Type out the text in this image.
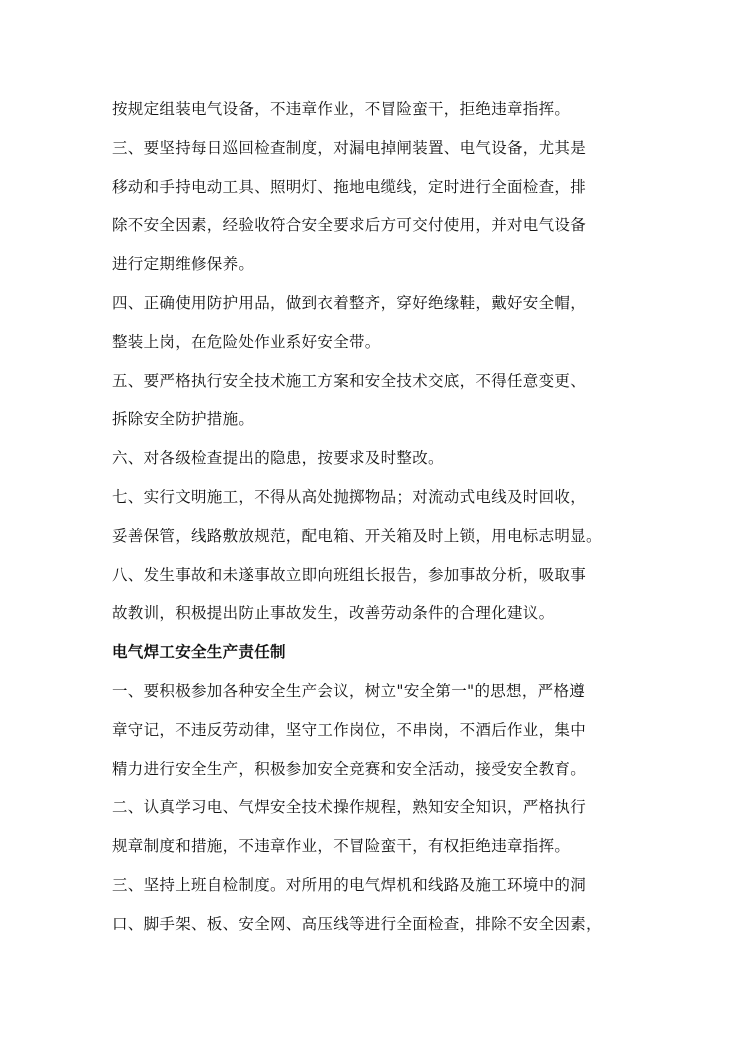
按规定组装电气设备，不违章作业，不冒险蛮干，拒绝违章指挥。
三、要坚持每日巡回检查制度，对漏电掉闸装置、电气设备，尤其是
移动和手持电动工具、照明灯、拖地电缆线，定时进行全面检查，排
除不安全因素，经验收符合安全要求后方可交付使用，并对电气设备
进行定期维修保养。
四、正确使用防护用品，做到衣着整齐，穿好绝缘鞋，戴好安全帽，
整装上岗，在危险处作业系好安全带。
五、要严格执行安全技术施工方案和安全技术交底，不得任意变更、
拆除安全防护措施。
六、对各级检查提出的隐患，按要求及时整改。
七、实行文明施工，不得从高处抛掷物品；对流动式电线及时回收，
妥善保管，线路敷放规范，配电箱、开关箱及时上锁，用电标志明显。
八、发生事故和未遂事故立即向班组长报告，参加事故分析，吸取事
故教训，积极提出防止事故发生，改善劳动条件的合理化建议。
电气焊工安全生产责任制
一、要积极参加各种安全生产会议，树立"安全第一"的思想，严格遵
章守记，不违反劳动律，坚守工作岗位，不串岗，不酒后作业，集中
精力进行安全生产，积极参加安全竞赛和安全活动，接受安全教育。
二、认真学习电、气焊安全技术操作规程，熟知安全知识，严格执行
规章制度和措施，不违章作业，不冒险蛮干，有权拒绝违章指挥。
三、坚持上班自检制度。对所用的电气焊机和线路及施工环境中的洞
口、脚手架、板、安全网、高压线等进行全面检查，排除不安全因素，
